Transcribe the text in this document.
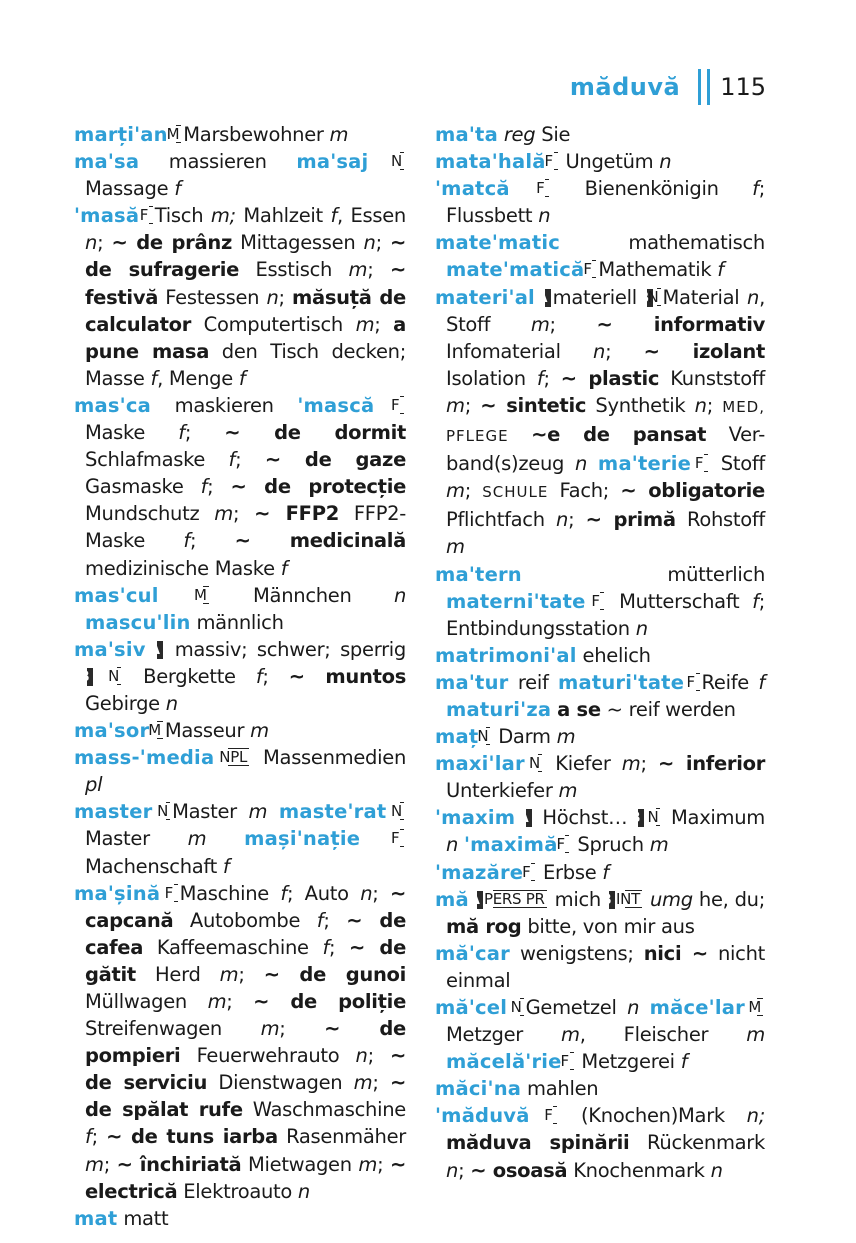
măduvă 115

marți'an M Marsbewohner m

ma'sa massieren ma'saj N Massage f

'masă F Tisch m; Mahlzeit f, Essen n; ~ de prânz Mittagessen n; ~ de sufragerie Esstisch m; ~ festivă Festessen n; măsuță de calculator Computertisch m; a pune masa den Tisch decken; Masse f, Menge f

mas'ca maskieren 'mască F Maske f; ~ de dormit Schlafmaske f; ~ de gaze Gasmaske f; ~ de protecție Mundschutz m; ~ FFP2 FFP2-Maske f; ~ medicinală medizinische Maske f

mas'cul M Männchen n mascu'lin männlich

ma'siv A massiv; schwer; sperrig B N Bergkette f; ~ muntos Gebirge n

ma'sor M Masseur m

mass-'media NPL Massenmedien pl

master N Master m maste'rat N Master m mași'nație F Machenschaft f

ma'șină F Maschine f; Auto n; ~ capcană Autobombe f; ~ de cafea Kaffeemaschine f; ~ de gătit Herd m; ~ de gunoi Müllwagen m; ~ de poliție Streifenwagen m; ~ de pompieri Feuerwehrauto n; ~ de serviciu Dienstwagen m; ~ de spălat rufe Waschmaschine f; ~ de tuns iarba Rasenmäher m; ~ închiriată Mietwagen m; ~ electrică Elektroauto n

mat matt

ma'ta reg Sie

mata'hală F Ungetüm n

'matcă F Bienenkönigin f; Flussbett n

mate'matic	mathematisch mate'matică F Mathematik f

materi'al A materiell BN Material n, Stoff m; ~ informativ Infomaterial n; ~ izolant Isolation f; ~ plastic Kunststoff m; ~ sintetic Synthetik n; MED, PFLEGE ~e de pansat Ver- band(s)zeug n ma'terie F Stoff m; SCHULE Fach; ~ obligatorie Pflichtfach n; ~ primă Rohstoff m

ma'tern	mütterlich materni'tate F Mutterschaft f; Entbindungsstation n

matrimoni'al ehelich

ma'tur reif maturi'tate F Reife f maturi'za a se ~ reif werden

maț N Darm m

maxi'lar N Kiefer m; ~ inferior Unterkiefer m

'maxim A Höchst… B N Maximum n 'maximă F Spruch m

'mazăre F Erbse f

mă A PERS PR mich B INT umg he, du; mă rog bitte, von mir aus

mă'car wenigstens; nici ~ nicht einmal

mă'cel N Gemetzel n măce'lar M Metzger m, Fleischer m măcelă'rie F Metzgerei f

măci'na mahlen

'măduvă F (Knochen)Mark n; măduva spinării Rückenmark n; ~ osoasă Knochenmark n
